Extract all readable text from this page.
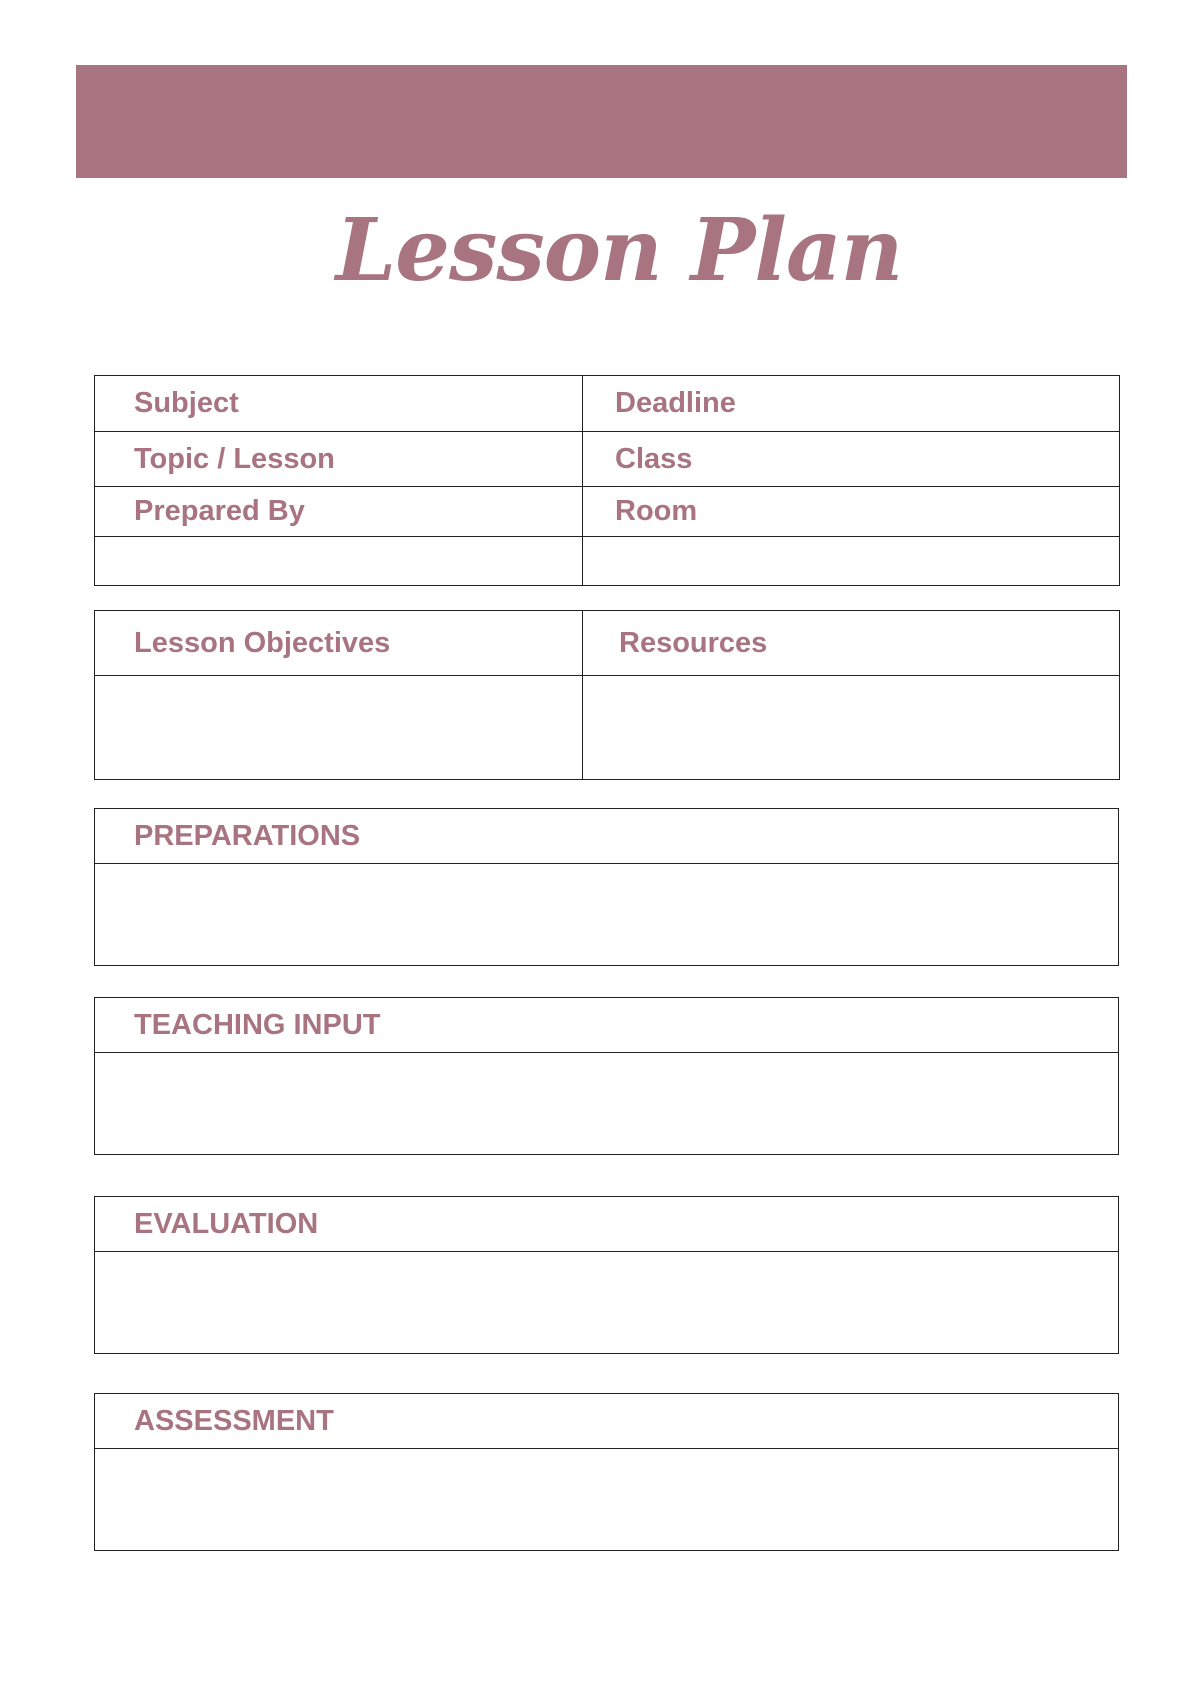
Lesson Plan
Subject	Deadline
Topic / Lesson	Class
Prepared By	Room

Lesson Objectives	Resources

PREPARATIONS

TEACHING INPUT

EVALUATION

ASSESSMENT
